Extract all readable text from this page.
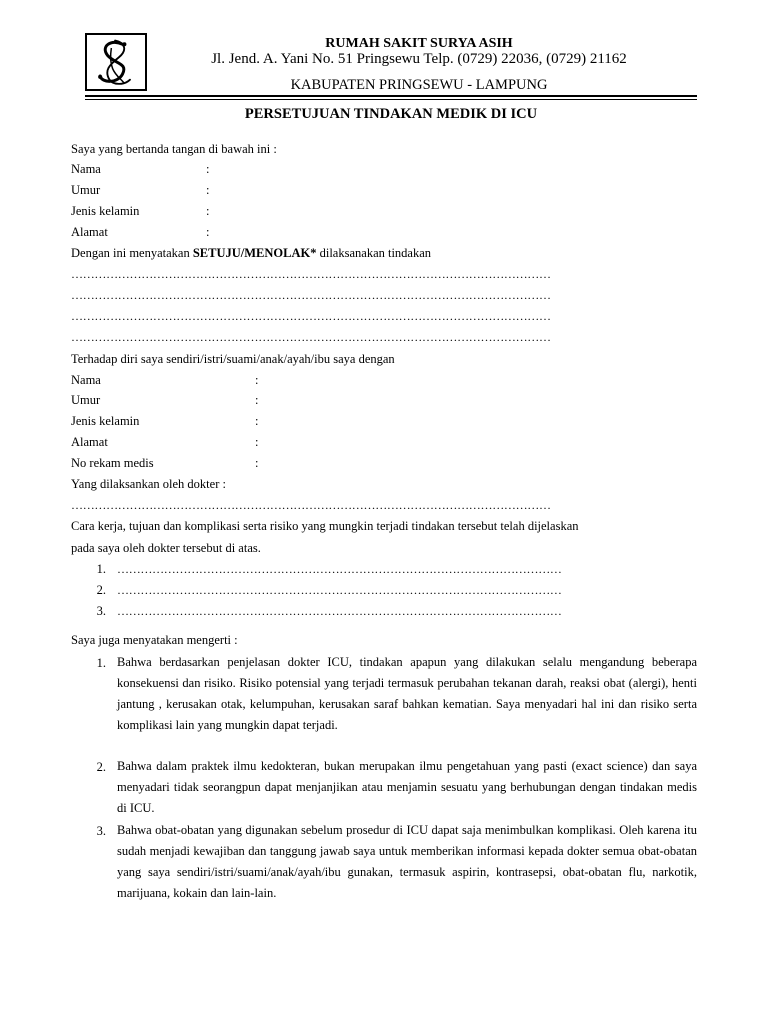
RUMAH SAKIT SURYA ASIH
Jl. Jend. A. Yani No. 51 Pringsewu Telp. (0729) 22036, (0729) 21162
KABUPATEN PRINGSEWU - LAMPUNG
PERSETUJUAN TINDAKAN MEDIK DI ICU
Saya yang bertanda tangan di bawah ini :
Nama	:
Umur	:
Jenis kelamin	:
Alamat	:
Dengan ini menyatakan SETUJU/MENOLAK* dilaksanakan tindakan
……………………………………………………………………………………………………………
……………………………………………………………………………………………………………
……………………………………………………………………………………………………………
……………………………………………………………………………………………………………
Terhadap diri saya sendiri/istri/suami/anak/ayah/ibu saya dengan
Nama	:
Umur	:
Jenis kelamin	:
Alamat	:
No rekam medis	:
Yang dilaksankan oleh dokter :
……………………………………………………………………………………………………………
Cara kerja, tujuan dan komplikasi serta risiko yang mungkin terjadi tindakan tersebut telah dijelaskan
pada saya oleh dokter tersebut di atas.
1. ……………………………………………………………………………………………………
2. ……………………………………………………………………………………………………
3. ……………………………………………………………………………………………………
Saya juga menyatakan mengerti :
1. Bahwa berdasarkan penjelasan dokter ICU, tindakan apapun yang dilakukan selalu mengandung beberapa konsekuensi dan risiko. Risiko potensial yang terjadi termasuk perubahan tekanan darah, reaksi obat (alergi), henti jantung , kerusakan otak, kelumpuhan, kerusakan saraf bahkan kematian. Saya menyadari hal ini dan risiko serta komplikasi lain yang mungkin dapat terjadi.
2. Bahwa dalam praktek ilmu kedokteran, bukan merupakan ilmu pengetahuan yang pasti (exact science) dan saya menyadari tidak seorangpun dapat menjanjikan atau menjamin sesuatu yang berhubungan dengan tindakan medis di ICU.
3. Bahwa obat-obatan yang digunakan sebelum prosedur di ICU dapat saja menimbulkan komplikasi. Oleh karena itu sudah menjadi kewajiban dan tanggung jawab saya untuk memberikan informasi kepada dokter semua obat-obatan yang saya sendiri/istri/suami/anak/ayah/ibu gunakan, termasuk aspirin, kontrasepsi, obat-obatan flu, narkotik, marijuana, kokain dan lain-lain.
